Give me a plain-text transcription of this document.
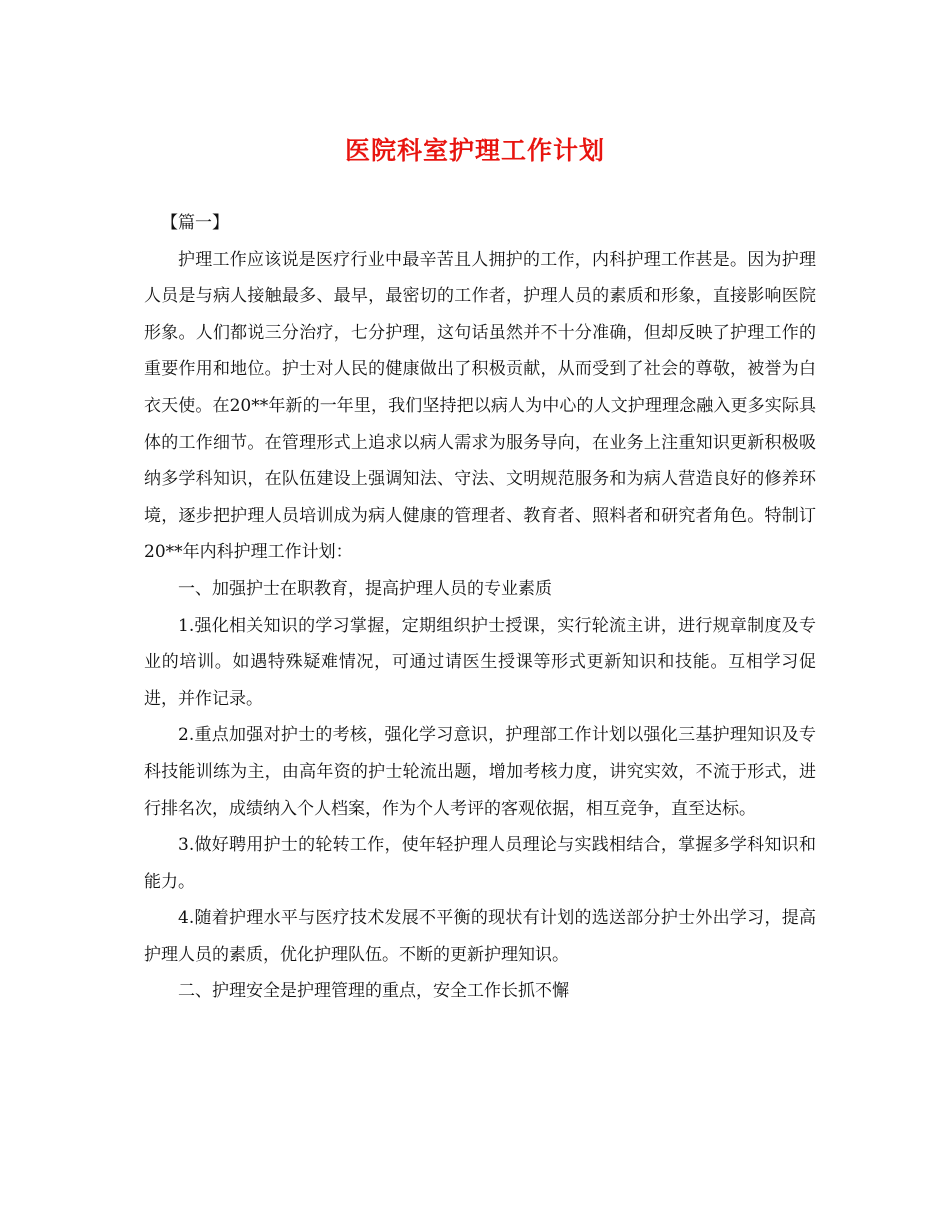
医院科室护理工作计划

【篇一】

护理工作应该说是医疗行业中最辛苦且人拥护的工作，内科护理工作甚是。因为护理人员是与病人接触最多、最早，最密切的工作者，护理人员的素质和形象，直接影响医院形象。人们都说三分治疗，七分护理，这句话虽然并不十分准确，但却反映了护理工作的重要作用和地位。护士对人民的健康做出了积极贡献，从而受到了社会的尊敬，被誉为白衣天使。在20**年新的一年里，我们坚持把以病人为中心的人文护理理念融入更多实际具体的工作细节。在管理形式上追求以病人需求为服务导向，在业务上注重知识更新积极吸纳多学科知识，在队伍建设上强调知法、守法、文明规范服务和为病人营造良好的修养环境，逐步把护理人员培训成为病人健康的管理者、教育者、照料者和研究者角色。特制订20**年内科护理工作计划：

一、加强护士在职教育，提高护理人员的专业素质

1.强化相关知识的学习掌握，定期组织护士授课，实行轮流主讲，进行规章制度及专业的培训。如遇特殊疑难情况，可通过请医生授课等形式更新知识和技能。互相学习促进，并作记录。

2.重点加强对护士的考核，强化学习意识，护理部工作计划以强化三基护理知识及专科技能训练为主，由高年资的护士轮流出题，增加考核力度，讲究实效，不流于形式，进行排名次，成绩纳入个人档案，作为个人考评的客观依据，相互竞争，直至达标。

3.做好聘用护士的轮转工作，使年轻护理人员理论与实践相结合，掌握多学科知识和能力。

4.随着护理水平与医疗技术发展不平衡的现状有计划的选送部分护士外出学习，提高护理人员的素质，优化护理队伍。不断的更新护理知识。

二、护理安全是护理管理的重点，安全工作长抓不懈
